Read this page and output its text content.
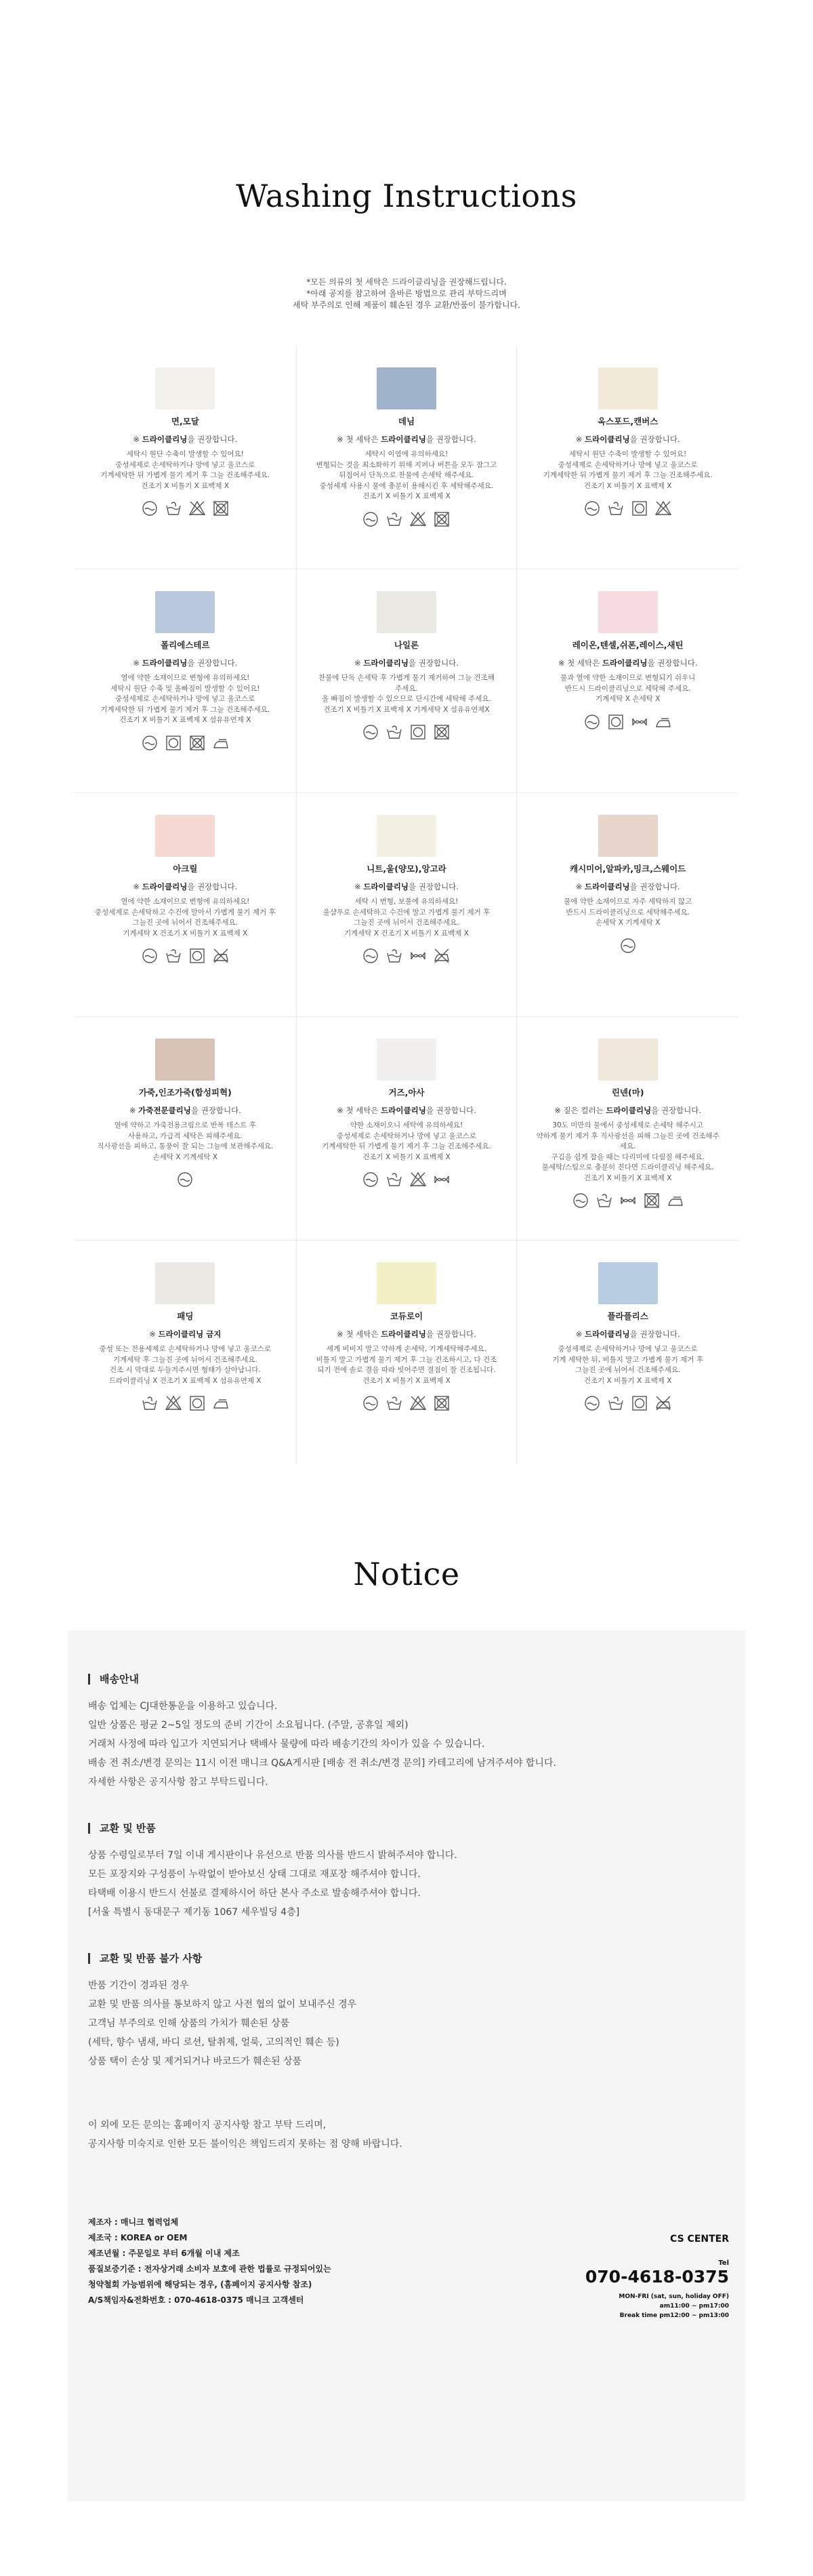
Washing Instructions
*모든 의류의 첫 세탁은 드라이클리닝을 권장해드립니다.
*아래 공지를 참고하여 올바른 방법으로 관리 부탁드리며
세탁 부주의로 인해 제품이 훼손된 경우 교환/반품이 불가합니다.
면,모달
※ 드라이클리닝을 권장합니다.
세탁시 원단 수축이 발생할 수 있어요!
중성세제로 손세탁하거나 망에 넣고 울코스로
기계세탁한 뒤 가볍게 물기 제거 후 그늘 건조해주세요.
건조기 X 비틀기 X 표백제 X
데님
※ 첫 세탁은 드라이클리닝을 권장합니다.
세탁시 이염에 유의하세요!
변형되는 것을 최소화하기 위해 지퍼나 버튼을 모두 잠그고
뒤집어서 단독으로 찬물에 손세탁 해주세요.
중성세제 사용시 물에 충분히 용해시킨 후 세탁해주세요.
건조기 X 비틀기 X 표백제 X
옥스포드,캔버스
※ 드라이클리닝을 권장합니다.
세탁시 원단 수축이 발생할 수 있어요!
중성세제로 손세탁하거나 망에 넣고 울코스로
기계세탁한 뒤 가볍게 물기 제거 후 그늘 건조해주세요.
건조기 X 비틀기 X 표백제 X
폴리에스테르
※ 드라이클리닝을 권장합니다.
열에 약한 소재이므로 변형에 유의하세요!
세탁시 원단 수축 및 올빠짐이 발생할 수 있어요!
중성세제로 손세탁하거나 망에 넣고 울코스로
기계세탁한 뒤 가볍게 물기 제거 후 그늘 건조해주세요.
건조기 X 비틀기 X 표백제 X 섬유유연제 X
나일론
※ 드라이클리닝을 권장합니다.
찬물에 단독 손세탁 후 가볍게 물기 제거하여 그늘 건조해 주세요.
올 빠짐이 발생할 수 있으므로 단시간에 세탁해 주세요.
건조기 X 비틀기 X 표백제 X 기계세탁 X 섬유유연제X
레이온,텐셀,쉬폰,레이스,새틴
※ 첫 세탁은 드라이클리닝을 권장합니다.
물과 열에 약한 소재이므로 변형되기 쉬우니
반드시 드라이클리닝으로 세탁해 주세요.
기계세탁 X 손세탁 X
아크릴
※ 드라이클리닝을 권장합니다.
열에 약한 소재이므로 변형에 유의하세요!
중성세제로 손세탁하고 수건에 말아서 가볍게 물기 제거 후
그늘진 곳에 뉘어서 건조해주세요.
기계세탁 X 건조기 X 비틀기 X 표백제 X
니트,울(양모),앙고라
※ 드라이클리닝을 권장합니다.
세탁 시 변형, 보풀에 유의하세요!
울샴푸로 손세탁하고 수건에 말고 가볍게 물기 제거 후
그늘진 곳에 뉘어서 건조해주세요.
기계세탁 X 건조기 X 비틀기 X 표백제 X
캐시미어,알파카,밍크,스웨이드
※ 드라이클리닝을 권장합니다.
물에 약한 소재이므로 자주 세탁하지 않고
반드시 드라이클리닝으로 세탁해주세요.
손세탁 X 기계세탁 X
가죽,인조가죽(합성피혁)
※ 가죽전문클리닝을 권장합니다.
열에 약하고 가죽전용크림으로 반복 테스트 후
사용하고, 가급적 세탁은 피해주세요.
직사광선을 피하고, 통풍이 잘 되는 그늘에 보관해주세요.
손세탁 X 기계세탁 X
거즈,아사
※ 첫 세탁은 드라이클리닝을 권장합니다.
약한 소재이오니 세탁에 유의하세요!
중성세제로 손세탁하거나 망에 넣고 울코스로
기계세탁한 뒤 가볍게 물기 제거 후 그늘 건조해주세요.
건조기 X 비틀기 X 표백제 X
린넨(마)
※ 짙은 컬러는 드라이클리닝을 권장합니다.
30도 미만의 물에서 중성세제로 손세탁 해주시고
약하게 물기 제거 후 직사광선을 피해 그늘진 곳에 건조해주세요.
구김을 쉽게 잡을 때는 다리미에 다림질 해주세요.
물세탁/스팀으로 충분히 진다면 드라이클리닝 해주세요.
건조기 X 비틀기 X 표백제 X
패딩
※ 드라이클리닝 금지
중성 또는 전용세제로 손세탁하거나 망에 넣고 울코스로
기계세탁 후 그늘진 곳에 뉘어서 건조해주세요.
건조 시 막대로 두들겨주시면 형태가 살아납니다.
드라이클리닝 X 건조기 X 표백제 X 섬유유연제 X
코듀로이
※ 첫 세탁은 드라이클리닝을 권장합니다.
세게 비비지 말고 약하게 손세탁, 기계세탁해주세요.
비틀지 말고 가볍게 물기 제거 후 그늘 건조하시고, 다 건조
되기 전에 솔로 결을 따라 빗어주면 결점이 잘 건조됩니다.
건조기 X 비틀기 X 표백제 X
플라플리스
※ 드라이클리닝을 권장합니다.
중성세제로 손세탁하거나 망에 넣고 울코스로
기계 세탁한 뒤, 비틀지 말고 가볍게 물기 제거 후
그늘진 곳에 뉘어서 건조해주세요.
건조기 X 비틀기 X 표백제 X
Notice
배송안내
배송 업체는 CJ대한통운을 이용하고 있습니다.
일반 상품은 평균 2~5일 정도의 준비 기간이 소요됩니다. (주말, 공휴일 제외)
거래처 사정에 따라 입고가 지연되거나 택배사 물량에 따라 배송기간의 차이가 있을 수 있습니다.
배송 전 취소/변경 문의는 11시 이전 매니크 Q&A게시판 [배송 전 취소/변경 문의] 카테고리에 남겨주셔야 합니다.
자세한 사항은 공지사항 참고 부탁드립니다.
교환 및 반품
상품 수령일로부터 7일 이내 게시판이나 유선으로 반품 의사를 반드시 밝혀주셔야 합니다.
모든 포장지와 구성품이 누락없이 받아보신 상태 그대로 재포장 해주셔야 합니다.
타택배 이용시 반드시 선불로 결제하시어 하단 본사 주소로 발송해주셔야 합니다.
[서울 특별시 동대문구 제기동 1067 세우빌딩 4층]
교환 및 반품 불가 사항
반품 기간이 경과된 경우
교환 및 반품 의사를 통보하지 않고 사전 협의 없이 보내주신 경우
고객님 부주의로 인해 상품의 가치가 훼손된 상품
(세탁, 향수 냄새, 바디 로션, 탈취제, 얼룩, 고의적인 훼손 등)
상품 택이 손상 및 제거되거나 바코드가 훼손된 상품
이 외에 모든 문의는 홈페이지 공지사항 참고 부탁 드리며,
공지사항 미숙지로 인한 모든 불이익은 책임드리지 못하는 점 양해 바랍니다.
제조자 : 매니크 협력업체
제조국 : KOREA or OEM
제조년월 : 주문일로 부터 6개월 이내 제조
품질보증기준 : 전자상거래 소비자 보호에 관한 법률로 규정되어있는
청약철회 가능범위에 해당되는 경우, (홈페이지 공지사항 참조)
A/S책임자&전화번호 : 070-4618-0375 매니크 고객센터
CS CENTER
Tel
070-4618-0375
MON-FRI (sat, sun, holiday OFF)
am11:00 ~ pm17:00
Break time pm12:00 ~ pm13:00
